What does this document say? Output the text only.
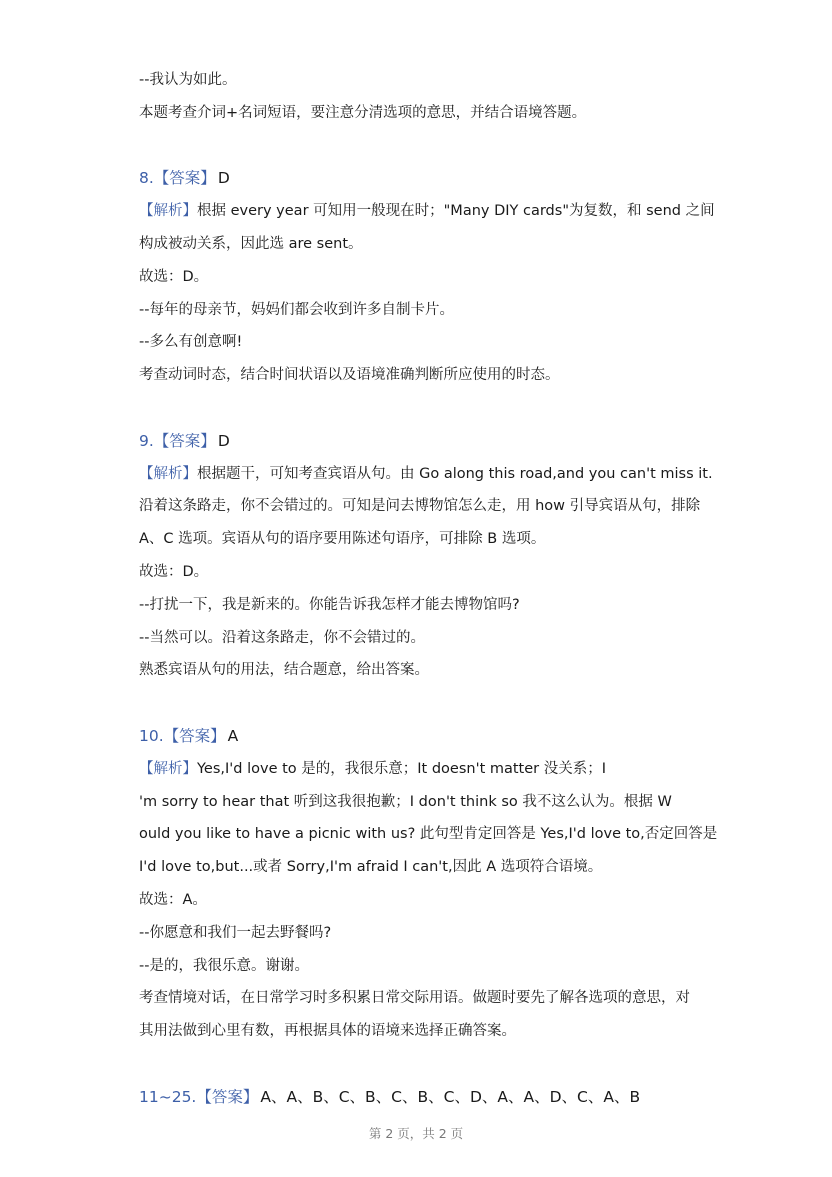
--我认为如此。
本题考查介词+名词短语，要注意分清选项的意思，并结合语境答题。
8.【答案】 D
【解析】根据 every year 可知用一般现在时；"Many DIY cards"为复数，和 send 之间
构成被动关系，因此选 are sent。
故选：D。
--每年的母亲节，妈妈们都会收到许多自制卡片。
--多么有创意啊!
考查动词时态，结合时间状语以及语境准确判断所应使用的时态。
9.【答案】 D
【解析】根据题干，可知考查宾语从句。由 Go along this road,and you can't miss it.
沿着这条路走，你不会错过的。可知是问去博物馆怎么走，用 how 引导宾语从句，排除
A、C 选项。宾语从句的语序要用陈述句语序，可排除 B 选项。
故选：D。
--打扰一下，我是新来的。你能告诉我怎样才能去博物馆吗?
--当然可以。沿着这条路走，你不会错过的。
熟悉宾语从句的用法，结合题意，给出答案。
10.【答案】 A
【解析】Yes,I'd love to 是的，我很乐意；It doesn't matter 没关系；I
'm sorry to hear that 听到这我很抱歉；I don't think so 我不这么认为。根据 W
ould you like to have a picnic with us? 此句型肯定回答是 Yes,I'd love to,否定回答是
I'd love to,but...或者 Sorry,I'm afraid I can't,因此 A 选项符合语境。
故选：A。
--你愿意和我们一起去野餐吗?
--是的，我很乐意。谢谢。
考查情境对话，在日常学习时多积累日常交际用语。做题时要先了解各选项的意思，对
其用法做到心里有数，再根据具体的语境来选择正确答案。
11~25.【答案】 A、A、B、C、B、C、B、C、D、A、A、D、C、A、B
第 2 页，共 2 页
